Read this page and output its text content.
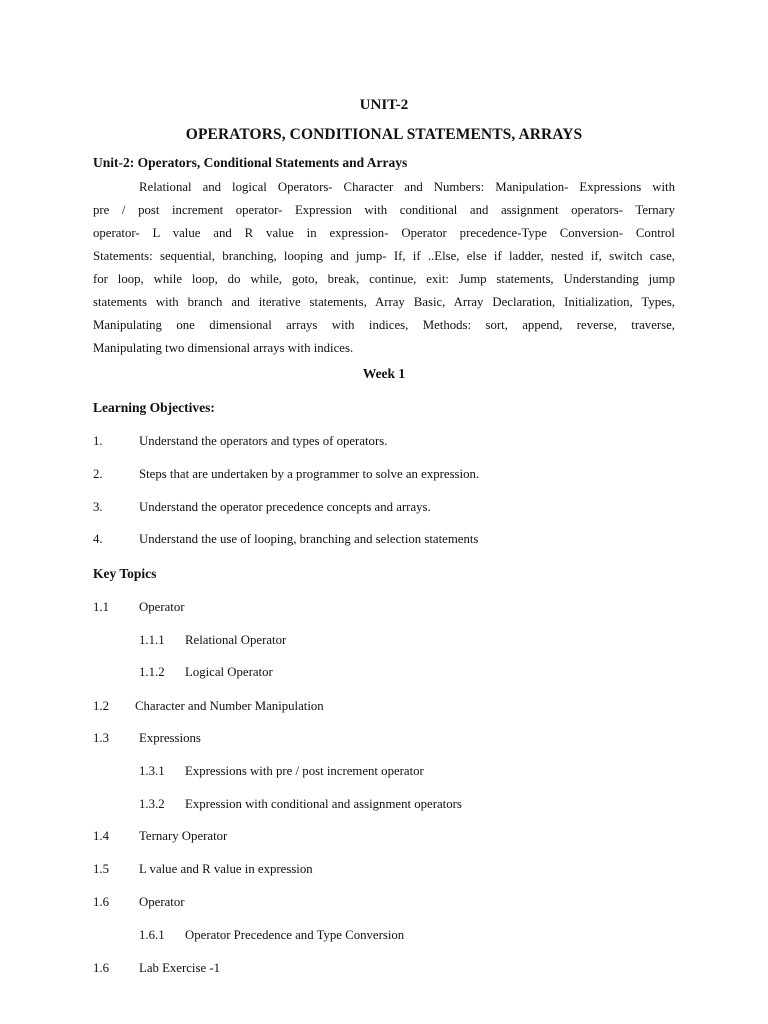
UNIT-2
OPERATORS, CONDITIONAL STATEMENTS, ARRAYS
Unit-2: Operators, Conditional Statements and Arrays
Relational and logical Operators- Character and Numbers: Manipulation- Expressions with
pre / post increment operator- Expression with conditional and assignment operators- Ternary
operator- L value and R value in expression- Operator precedence-Type Conversion- Control
Statements: sequential, branching, looping and jump- If, if ..Else, else if ladder, nested if, switch case,
for loop, while loop, do while, goto, break, continue, exit: Jump statements, Understanding jump
statements with branch and iterative statements, Array Basic, Array Declaration, Initialization, Types,
Manipulating one dimensional arrays with indices, Methods: sort, append, reverse, traverse,
Manipulating two dimensional arrays with indices.
Week 1
Learning Objectives:
1.	Understand the operators and types of operators.
2.	Steps that are undertaken by a programmer to solve an expression.
3.	Understand the operator precedence concepts and arrays.
4.	Understand the use of looping, branching and selection statements
Key Topics
1.1 Operator
1.1.1 Relational Operator
1.1.2 Logical Operator
1.2 Character and Number Manipulation
1.3 Expressions
1.3.1 Expressions with pre / post increment operator
1.3.2 Expression with conditional and assignment operators
1.4 Ternary Operator
1.5 L value and R value in expression
1.6 Operator
1.6.1 Operator Precedence and Type Conversion
1.6 Lab Exercise -1
